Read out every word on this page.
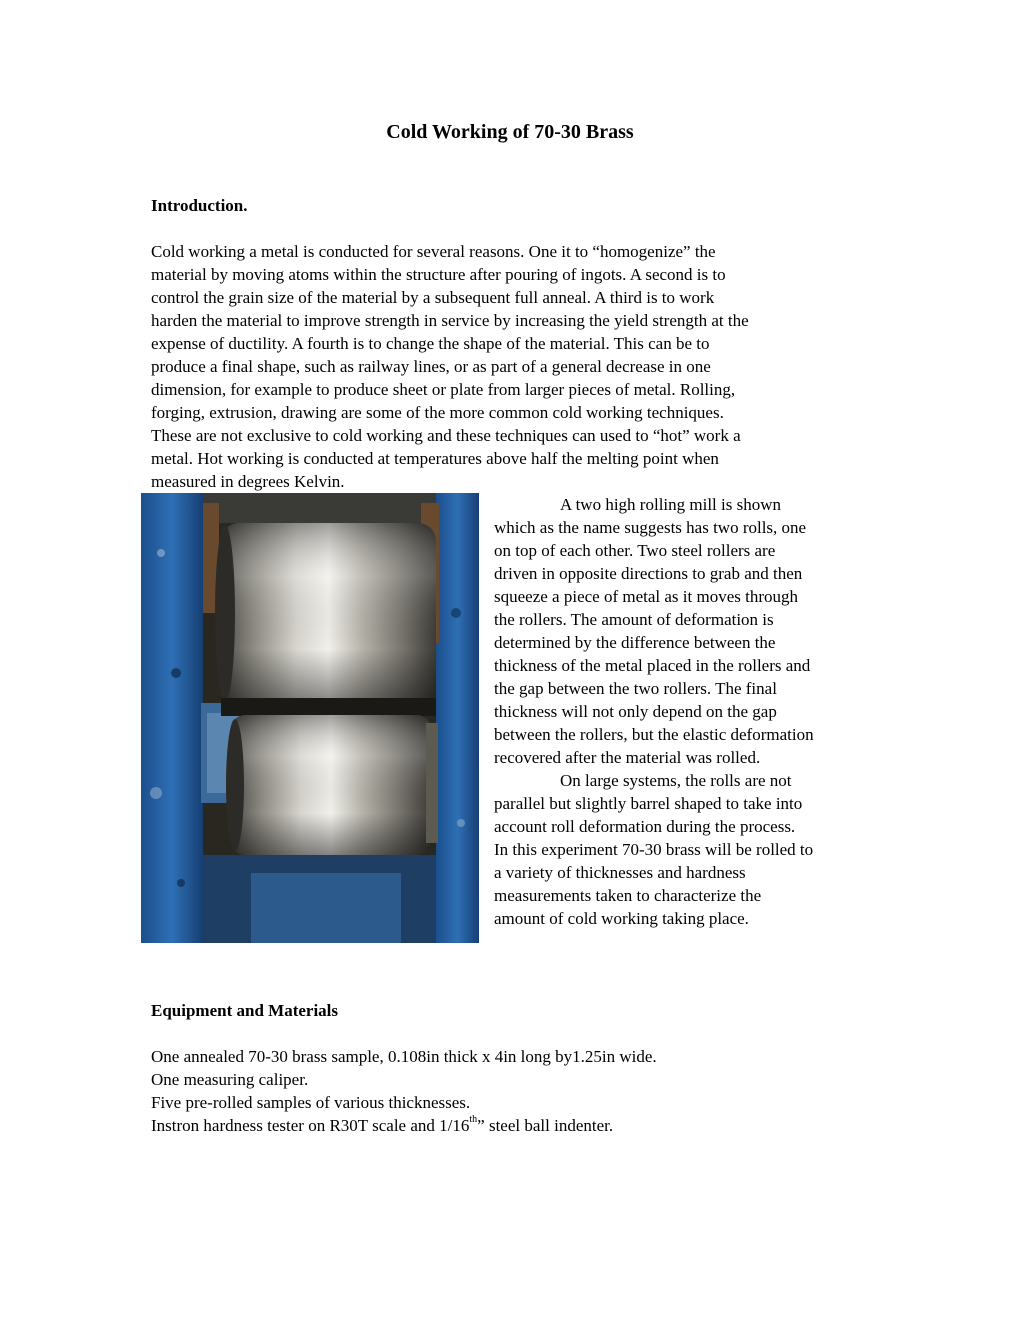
Cold Working of 70-30 Brass
Introduction.

Cold working a metal is conducted for several reasons. One it to “homogenize” the
material by moving atoms within the structure after pouring of ingots. A second is to
control the grain size of the material by a subsequent full anneal. A third is to work
harden the material to improve strength in service by increasing the yield strength at the
expense of ductility. A fourth is to change the shape of the material. This can be to
produce a final shape, such as railway lines, or as part of a general decrease in one
dimension, for example to produce sheet or plate from larger pieces of metal. Rolling,
forging, extrusion, drawing are some of the more common cold working techniques.
These are not exclusive to cold working and these techniques can used to “hot” work a
metal. Hot working is conducted at temperatures above half the melting point when
measured in degrees Kelvin.

A two high rolling mill is shown
which as the name suggests has two rolls, one
on top of each other. Two steel rollers are
driven in opposite directions to grab and then
squeeze a piece of metal as it moves through
the rollers. The amount of deformation is
determined by the difference between the
thickness of the metal placed in the rollers and
the gap between the two rollers. The final
thickness will not only depend on the gap
between the rollers, but the elastic deformation
recovered after the material was rolled.
On large systems, the rolls are not
parallel but slightly barrel shaped to take into
account roll deformation during the process.
In this experiment 70-30 brass will be rolled to
a variety of thicknesses and hardness
measurements taken to characterize the
amount of cold working taking place.
Equipment and Materials
One annealed 70-30 brass sample, 0.108in thick x 4in long by1.25in wide.
One measuring caliper.
Five pre-rolled samples of various thicknesses.
Instron hardness tester on R30T scale and 1/16th” steel ball indenter.
